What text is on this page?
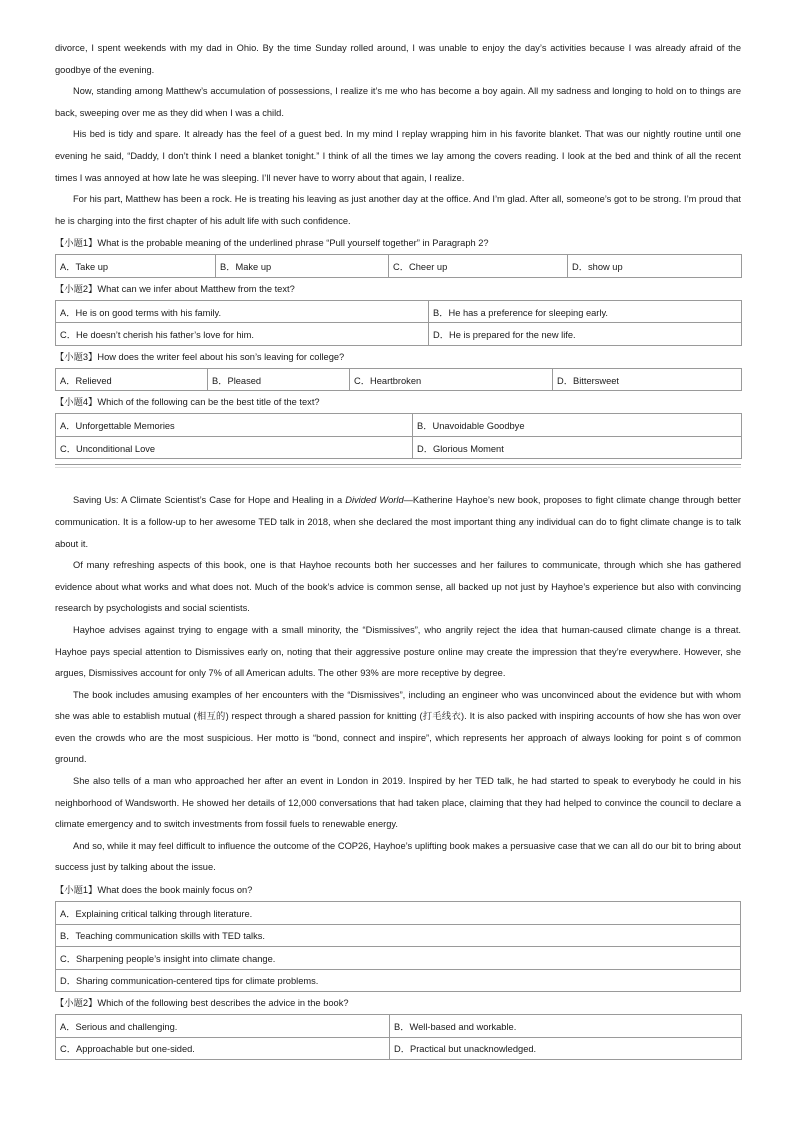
divorce, I spent weekends with my dad in Ohio. By the time Sunday rolled around, I was unable to enjoy the day’s activities because I was already afraid of the goodbye of the evening.

Now, standing among Matthew’s accumulation of possessions, I realize it’s me who has become a boy again. All my sadness and longing to hold on to things are back, sweeping over me as they did when I was a child.

His bed is tidy and spare. It already has the feel of a guest bed. In my mind I replay wrapping him in his favorite blanket. That was our nightly routine until one evening he said, “Daddy, I don’t think I need a blanket tonight.” I think of all the times we lay among the covers reading. I look at the bed and think of all the recent times I was annoyed at how late he was sleeping. I’ll never have to worry about that again, I realize.

For his part, Matthew has been a rock. He is treating his leaving as just another day at the office. And I’m glad. After all, someone’s got to be strong. I’m proud that he is charging into the first chapter of his adult life with such confidence.

【小题1】What is the probable meaning of the underlined phrase “Pull yourself together” in Paragraph 2?
A．Take up	B．Make up	C．Cheer up	D．show up
【小题2】What can we infer about Matthew from the text?
A．He is on good terms with his family.	B．He has a preference for sleeping early.
C．He doesn’t cherish his father’s love for him.	D．He is prepared for the new life.
【小题3】How does the writer feel about his son’s leaving for college?
A．Relieved	B．Pleased	C．Heartbroken	D．Bittersweet
【小题4】Which of the following can be the best title of the text?
A．Unforgettable Memories	B．Unavoidable Goodbye
C．Unconditional Love	D．Glorious Moment

Saving Us: A Climate Scientist’s Case for Hope and Healing in a Divided World—Katherine Hayhoe’s new book, proposes to fight climate change through better communication. It is a follow-up to her awesome TED talk in 2018, when she declared the most important thing any individual can do to fight climate change is to talk about it.

Of many refreshing aspects of this book, one is that Hayhoe recounts both her successes and her failures to communicate, through which she has gathered evidence about what works and what does not. Much of the book’s advice is common sense, all backed up not just by Hayhoe’s experience but also with convincing research by psychologists and social scientists.

Hayhoe advises against trying to engage with a small minority, the “Dismissives”, who angrily reject the idea that human-caused climate change is a threat. Hayhoe pays special attention to Dismissives early on, noting that their aggressive posture online may create the impression that they’re everywhere. However, she argues, Dismissives account for only 7% of all American adults. The other 93% are more receptive by degree.

The book includes amusing examples of her encounters with the “Dismissives”, including an engineer who was unconvinced about the evidence but with whom she was able to establish mutual (相互的) respect through a shared passion for knitting (打毛线衣). It is also packed with inspiring accounts of how she has won over even the crowds who are the most suspicious. Her motto is “bond, connect and inspire”, which represents her approach of always looking for point s of common ground.

She also tells of a man who approached her after an event in London in 2019. Inspired by her TED talk, he had started to speak to everybody he could in his neighborhood of Wandsworth. He showed her details of 12,000 conversations that had taken place, claiming that they had helped to convince the council to declare a climate emergency and to switch investments from fossil fuels to renewable energy.

And so, while it may feel difficult to influence the outcome of the COP26, Hayhoe’s uplifting book makes a persuasive case that we can all do our bit to bring about success just by talking about the issue.

【小题1】What does the book mainly focus on?
A．Explaining critical talking through literature.
B．Teaching communication skills with TED talks.
C．Sharpening people’s insight into climate change.
D．Sharing communication-centered tips for climate problems.
【小题2】Which of the following best describes the advice in the book?
A．Serious and challenging.	B．Well-based and workable.
C．Approachable but one-sided.	D．Practical but unacknowledged.
